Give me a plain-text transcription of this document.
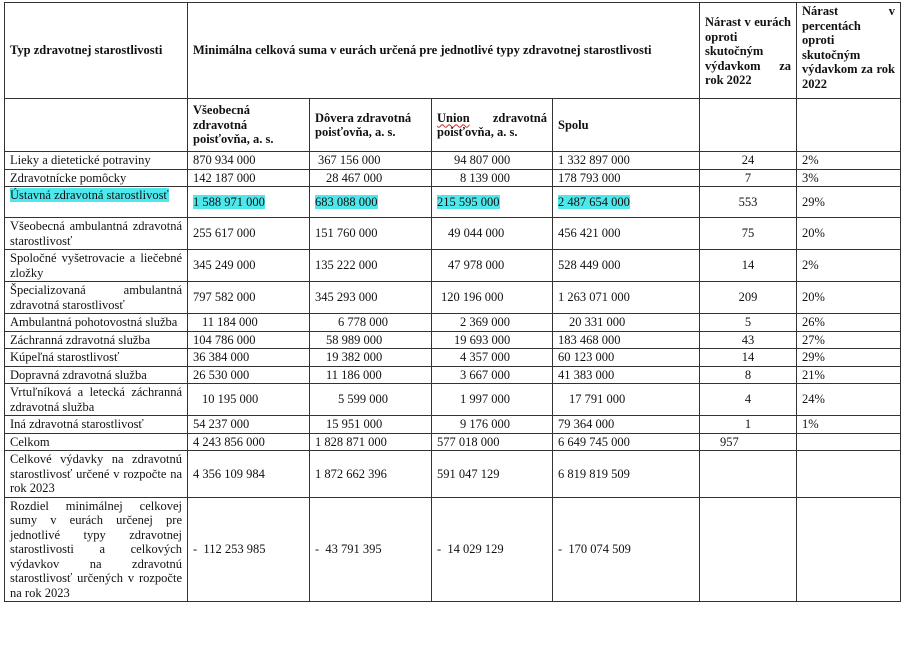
Typ zdravotnej starostlivosti	Minimálna celková suma v eurách určená pre jednotlivé typy zdravotnej starostlivosti				Nárast v eurách oproti skutočným výdavkom za rok 2022	Nárast v percentách oproti skutočným výdavkom za rok 2022
	Všeobecná zdravotná poisťovňa, a. s.	Dôvera zdravotná poisťovňa, a. s.	Union zdravotná poisťovňa, a. s.	Spolu		
Lieky a dietetické potraviny	870 934 000	367 156 000	94 807 000	1 332 897 000	24	2%
Zdravotnícke pomôcky	142 187 000	28 467 000	8 139 000	178 793 000	7	3%
Ústavná zdravotná starostlivosť	1 588 971 000	683 088 000	215 595 000	2 487 654 000	553	29%
Všeobecná ambulantná zdravotná starostlivosť	255 617 000	151 760 000	49 044 000	456 421 000	75	20%
Spoločné vyšetrovacie a liečebné zložky	345 249 000	135 222 000	47 978 000	528 449 000	14	2%
Špecializovaná ambulantná zdravotná starostlivosť	797 582 000	345 293 000	120 196 000	1 263 071 000	209	20%
Ambulantná pohotovostná služba	11 184 000	6 778 000	2 369 000	20 331 000	5	26%
Záchranná zdravotná služba	104 786 000	58 989 000	19 693 000	183 468 000	43	27%
Kúpeľná starostlivosť	36 384 000	19 382 000	4 357 000	60 123 000	14	29%
Dopravná zdravotná služba	26 530 000	11 186 000	3 667 000	41 383 000	8	21%
Vrtuľníková a letecká záchranná zdravotná služba	10 195 000	5 599 000	1 997 000	17 791 000	4	24%
Iná zdravotná starostlivosť	54 237 000	15 951 000	9 176 000	79 364 000	1	1%
Celkom	4 243 856 000	1 828 871 000	577 018 000	6 649 745 000	957	
Celkové výdavky na zdravotnú starostlivosť určené v rozpočte na rok 2023	4 356 109 984	1 872 662 396	591 047 129	6 819 819 509		
Rozdiel minimálnej celkovej sumy v eurách určenej pre jednotlivé typy zdravotnej starostlivosti a celkových výdavkov na zdravotnú starostlivosť určených v rozpočte na rok 2023	-  112 253 985	-  43 791 395	-  14 029 129	-  170 074 509		
